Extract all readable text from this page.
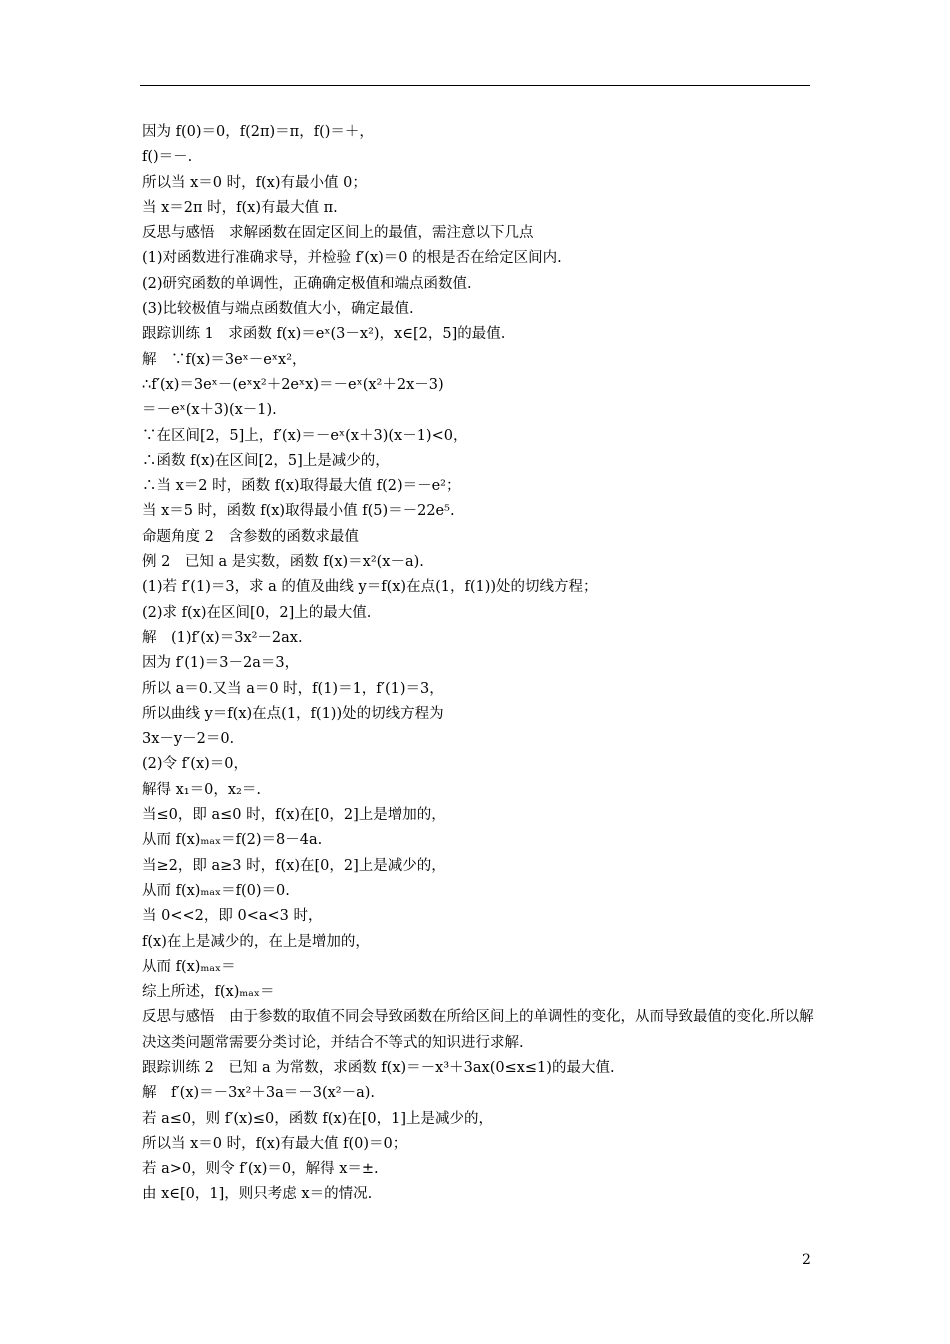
因为 f(0)＝0，f(2π)＝π，f()＝＋，
f()＝－.
所以当 x＝0 时，f(x)有最小值 0；
当 x＝2π 时，f(x)有最大值 π.
反思与感悟　求解函数在固定区间上的最值，需注意以下几点
(1)对函数进行准确求导，并检验 f′(x)＝0 的根是否在给定区间内.
(2)研究函数的单调性，正确确定极值和端点函数值.
(3)比较极值与端点函数值大小，确定最值.
跟踪训练 1　求函数 f(x)＝eˣ(3－x²)，x∈[2，5]的最值.
解　∵f(x)＝3eˣ－eˣx²，
∴f′(x)＝3eˣ－(eˣx²＋2eˣx)＝－eˣ(x²＋2x－3)
＝－eˣ(x＋3)(x－1).
∵在区间[2，5]上，f′(x)＝－eˣ(x＋3)(x－1)<0，
∴函数 f(x)在区间[2，5]上是减少的，
∴当 x＝2 时，函数 f(x)取得最大值 f(2)＝－e²；
当 x＝5 时，函数 f(x)取得最小值 f(5)＝－22e⁵.
命题角度 2　含参数的函数求最值
例 2　已知 a 是实数，函数 f(x)＝x²(x－a).
(1)若 f′(1)＝3，求 a 的值及曲线 y＝f(x)在点(1，f(1))处的切线方程；
(2)求 f(x)在区间[0，2]上的最大值.
解　(1)f′(x)＝3x²－2ax.
因为 f′(1)＝3－2a＝3，
所以 a＝0.又当 a＝0 时，f(1)＝1，f′(1)＝3，
所以曲线 y＝f(x)在点(1，f(1))处的切线方程为
3x－y－2＝0.
(2)令 f′(x)＝0，
解得 x₁＝0，x₂＝.
当≤0，即 a≤0 时，f(x)在[0，2]上是增加的，
从而 f(x)ₘₐₓ＝f(2)＝8－4a.
当≥2，即 a≥3 时，f(x)在[0，2]上是减少的，
从而 f(x)ₘₐₓ＝f(0)＝0.
当 0<<2，即 0<a<3 时，
f(x)在上是减少的，在上是增加的，
从而 f(x)ₘₐₓ＝
综上所述，f(x)ₘₐₓ＝
反思与感悟　由于参数的取值不同会导致函数在所给区间上的单调性的变化，从而导致最值的变化.所以解决这类问题常需要分类讨论，并结合不等式的知识进行求解.
跟踪训练 2　已知 a 为常数，求函数 f(x)＝－x³＋3ax(0≤x≤1)的最大值.
解　f′(x)＝－3x²＋3a＝－3(x²－a).
若 a≤0，则 f′(x)≤0，函数 f(x)在[0，1]上是减少的，
所以当 x＝0 时，f(x)有最大值 f(0)＝0；
若 a>0，则令 f′(x)＝0，解得 x＝±.
由 x∈[0，1]，则只考虑 x＝的情况.
2
